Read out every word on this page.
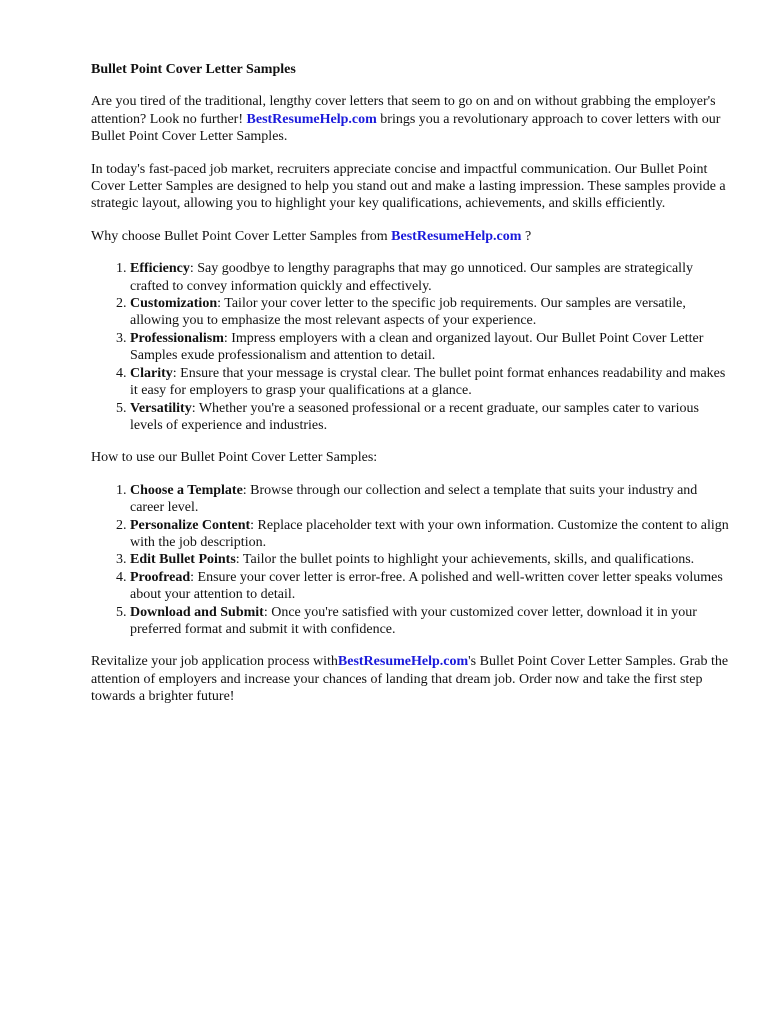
Bullet Point Cover Letter Samples

Are you tired of the traditional, lengthy cover letters that seem to go on and on without grabbing the employer's attention? Look no further! BestResumeHelp.com brings you a revolutionary approach to cover letters with our Bullet Point Cover Letter Samples.

In today's fast-paced job market, recruiters appreciate concise and impactful communication. Our Bullet Point Cover Letter Samples are designed to help you stand out and make a lasting impression. These samples provide a strategic layout, allowing you to highlight your key qualifications, achievements, and skills efficiently.

Why choose Bullet Point Cover Letter Samples from BestResumeHelp.com ?

1. Efficiency: Say goodbye to lengthy paragraphs that may go unnoticed. Our samples are strategically crafted to convey information quickly and effectively.
2. Customization: Tailor your cover letter to the specific job requirements. Our samples are versatile, allowing you to emphasize the most relevant aspects of your experience.
3. Professionalism: Impress employers with a clean and organized layout. Our Bullet Point Cover Letter Samples exude professionalism and attention to detail.
4. Clarity: Ensure that your message is crystal clear. The bullet point format enhances readability and makes it easy for employers to grasp your qualifications at a glance.
5. Versatility: Whether you're a seasoned professional or a recent graduate, our samples cater to various levels of experience and industries.

How to use our Bullet Point Cover Letter Samples:

1. Choose a Template: Browse through our collection and select a template that suits your industry and career level.
2. Personalize Content: Replace placeholder text with your own information. Customize the content to align with the job description.
3. Edit Bullet Points: Tailor the bullet points to highlight your achievements, skills, and qualifications.
4. Proofread: Ensure your cover letter is error-free. A polished and well-written cover letter speaks volumes about your attention to detail.
5. Download and Submit: Once you're satisfied with your customized cover letter, download it in your preferred format and submit it with confidence.

Revitalize your job application process withBestResumeHelp.com's Bullet Point Cover Letter Samples. Grab the attention of employers and increase your chances of landing that dream job. Order now and take the first step towards a brighter future!
